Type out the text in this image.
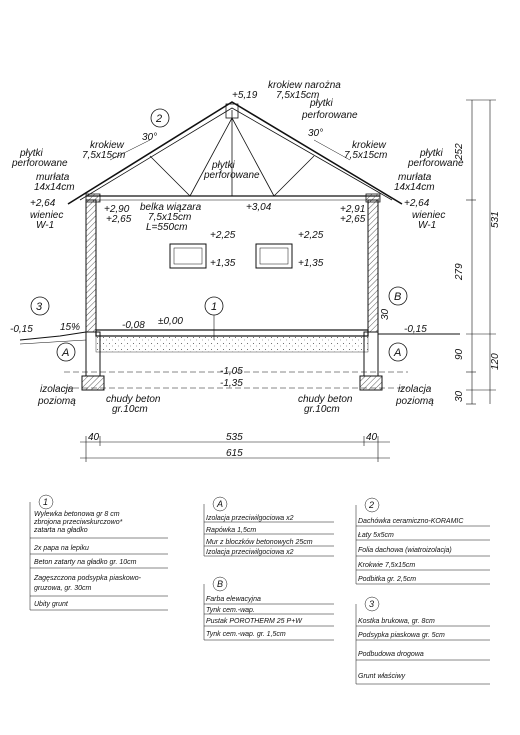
+5,19
krokiew narożna
7,5x15cm
płytki
perforowane
krokiew
7,5x15cm
płytki
perforowane
murłata
14x14cm
30°
krokiew
7,5x15cm	płytki
perforowane
murłata
14x14cm
30°
płytki
perforowane
belka wiązara
7,5x15cm
L=550cm
+3,04
+2,90
+2,65
+2,91
+2,65
+2,64	+2,64
wieniec
W-1
wieniec
W-1
+2,25	+2,25
+1,35	+1,35
-0,15	15%	-0,08 ±0,00
-0,15
-1,05
-1,35
izolacja
poziomą	chudy beton
gr.10cm
chudy beton
gr.10cm
izolacja
poziomą
2
1
3
A	A
B
40	535	40
615
252
531
279
90	120
30
30
1
Wylewka betonowa gr 8 cm
zbrojona przeciwskurczowo*
zatarta na gładko
2x papa na lepiku
Beton zatarty na gładko gr. 10cm
Zagęszczona podsypka piaskowo-
gruzowa, gr. 30cm
Ubity grunt
A
Izolacja przeciwilgociowa x2
Rapówka 1,5cm
Mur z bloczków betonowych 25cm
Izolacja przeciwilgociowa x2
B
Farba elewacyjna
Tynk cem.-wap.
Pustak POROTHERM 25 P+W
Tynk cem.-wap. gr. 1,5cm
2
Dachówka ceramiczno-KORAMIC
Łaty 5x5cm
Folia dachowa (wiatroizolacja)
Krokwie 7,5x15cm
Podbitka gr. 2,5cm
3
Kostka brukowa, gr. 8cm
Podsypka piaskowa gr. 5cm
Podbudowa drogowa
Grunt właściwy
